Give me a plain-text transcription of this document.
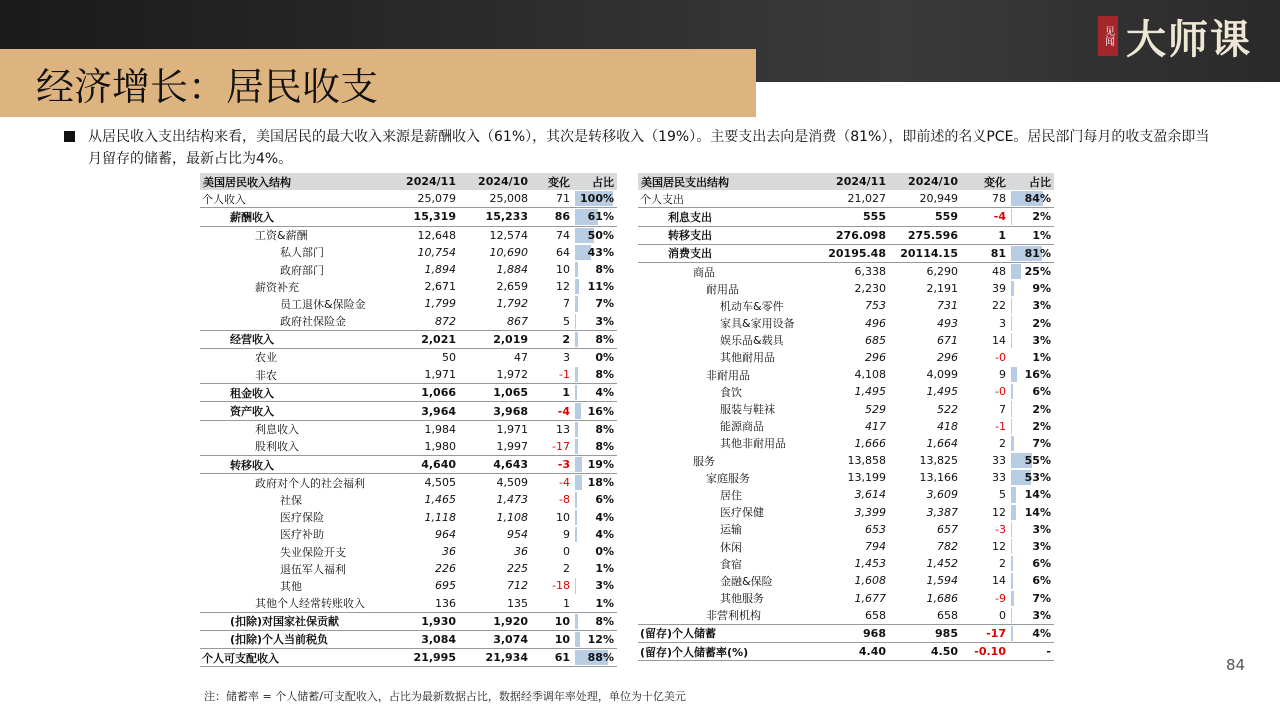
见闻 大师课
经济增长：居民收支
从居民收入支出结构来看，美国居民的最大收入来源是薪酬收入（61%），其次是转移收入（19%）。主要支出去向是消费（81%），即前述的名义PCE。居民部门每月的收支盈余即当月留存的储蓄，最新占比为4%。
美国居民收入结构	2024/11	2024/10	变化	占比
个人收入	25,079	25,008	71	100%
薪酬收入	15,319	15,233	86	61%
工资&薪酬	12,648	12,574	74	50%
私人部门	10,754	10,690	64	43%
政府部门	1,894	1,884	10	8%
薪资补充	2,671	2,659	12	11%
员工退休&保险金	1,799	1,792	7	7%
政府社保险金	872	867	5	3%
经营收入	2,021	2,019	2	8%
农业	50	47	3	0%
非农	1,971	1,972	-1	8%
租金收入	1,066	1,065	1	4%
资产收入	3,964	3,968	-4	16%
利息收入	1,984	1,971	13	8%
股利收入	1,980	1,997	-17	8%
转移收入	4,640	4,643	-3	19%
政府对个人的社会福利	4,505	4,509	-4	18%
社保	1,465	1,473	-8	6%
医疗保险	1,118	1,108	10	4%
医疗补助	964	954	9	4%
失业保险开支	36	36	0	0%
退伍军人福利	226	225	2	1%
其他	695	712	-18	3%
其他个人经常转账收入	136	135	1	1%
(扣除)对国家社保贡献	1,930	1,920	10	8%
(扣除)个人当前税负	3,084	3,074	10	12%
个人可支配收入	21,995	21,934	61	88%
美国居民支出结构	2024/11	2024/10	变化	占比
个人支出	21,027	20,949	78	84%
利息支出	555	559	-4	2%
转移支出	276.098	275.596	1	1%
消费支出	20195.48	20114.15	81	81%
商品	6,338	6,290	48	25%
耐用品	2,230	2,191	39	9%
机动车&零件	753	731	22	3%
家具&家用设备	496	493	3	2%
娱乐品&载具	685	671	14	3%
其他耐用品	296	296	-0	1%
非耐用品	4,108	4,099	9	16%
食饮	1,495	1,495	-0	6%
服装与鞋袜	529	522	7	2%
能源商品	417	418	-1	2%
其他非耐用品	1,666	1,664	2	7%
服务	13,858	13,825	33	55%
家庭服务	13,199	13,166	33	53%
居住	3,614	3,609	5	14%
医疗保健	3,399	3,387	12	14%
运输	653	657	-3	3%
休闲	794	782	12	3%
食宿	1,453	1,452	2	6%
金融&保险	1,608	1,594	14	6%
其他服务	1,677	1,686	-9	7%
非营利机构	658	658	0	3%
(留存)个人储蓄	968	985	-17	4%
(留存)个人储蓄率(%)	4.40	4.50	-0.10	-
注：储蓄率 = 个人储蓄/可支配收入，占比为最新数据占比，数据经季调年率处理，单位为十亿美元
84
